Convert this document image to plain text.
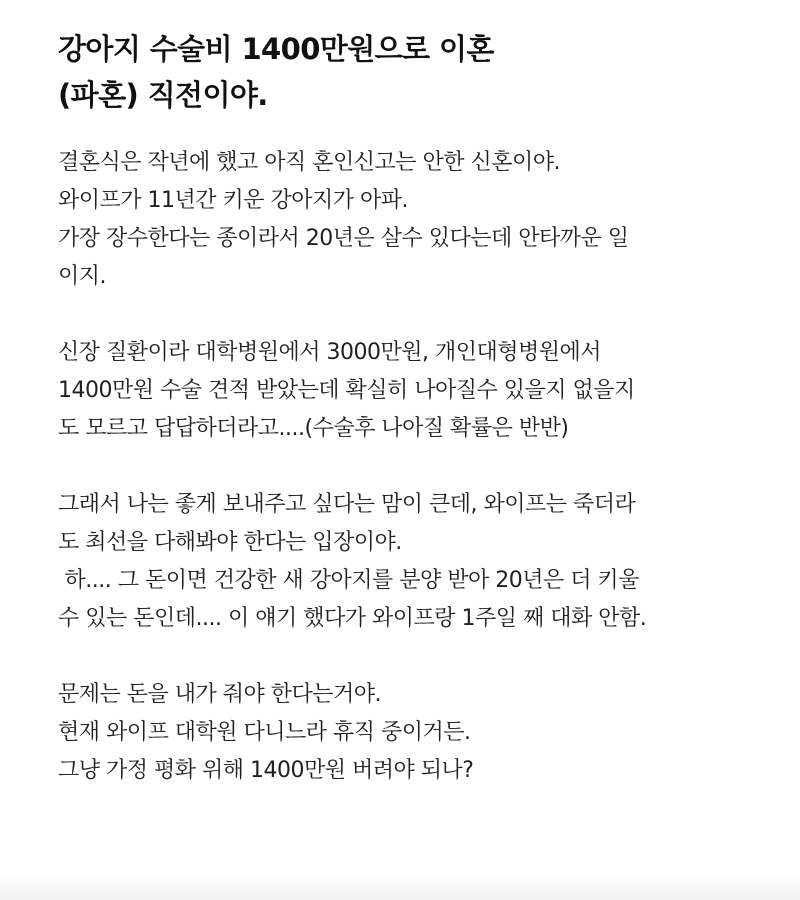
강아지 수술비 1400만원으로 이혼
(파혼) 직전이야.

결혼식은 작년에 했고 아직 혼인신고는 안한 신혼이야.
와이프가 11년간 키운 강아지가 아파.
가장 장수한다는 종이라서 20년은 살수 있다는데 안타까운 일
이지.

신장 질환이라 대학병원에서 3000만원, 개인대형병원에서
1400만원 수술 견적 받았는데 확실히 나아질수 있을지 없을지
도 모르고 답답하더라고....(수술후 나아질 확률은 반반)

그래서 나는 좋게 보내주고 싶다는 맘이 큰데, 와이프는 죽더라
도 최선을 다해봐야 한다는 입장이야.
하.... 그 돈이면 건강한 새 강아지를 분양 받아 20년은 더 키울
수 있는 돈인데.... 이 얘기 했다가 와이프랑 1주일 째 대화 안함.

문제는 돈을 내가 줘야 한다는거야.
현재 와이프 대학원 다니느라 휴직 중이거든.
그냥 가정 평화 위해 1400만원 버려야 되나?
